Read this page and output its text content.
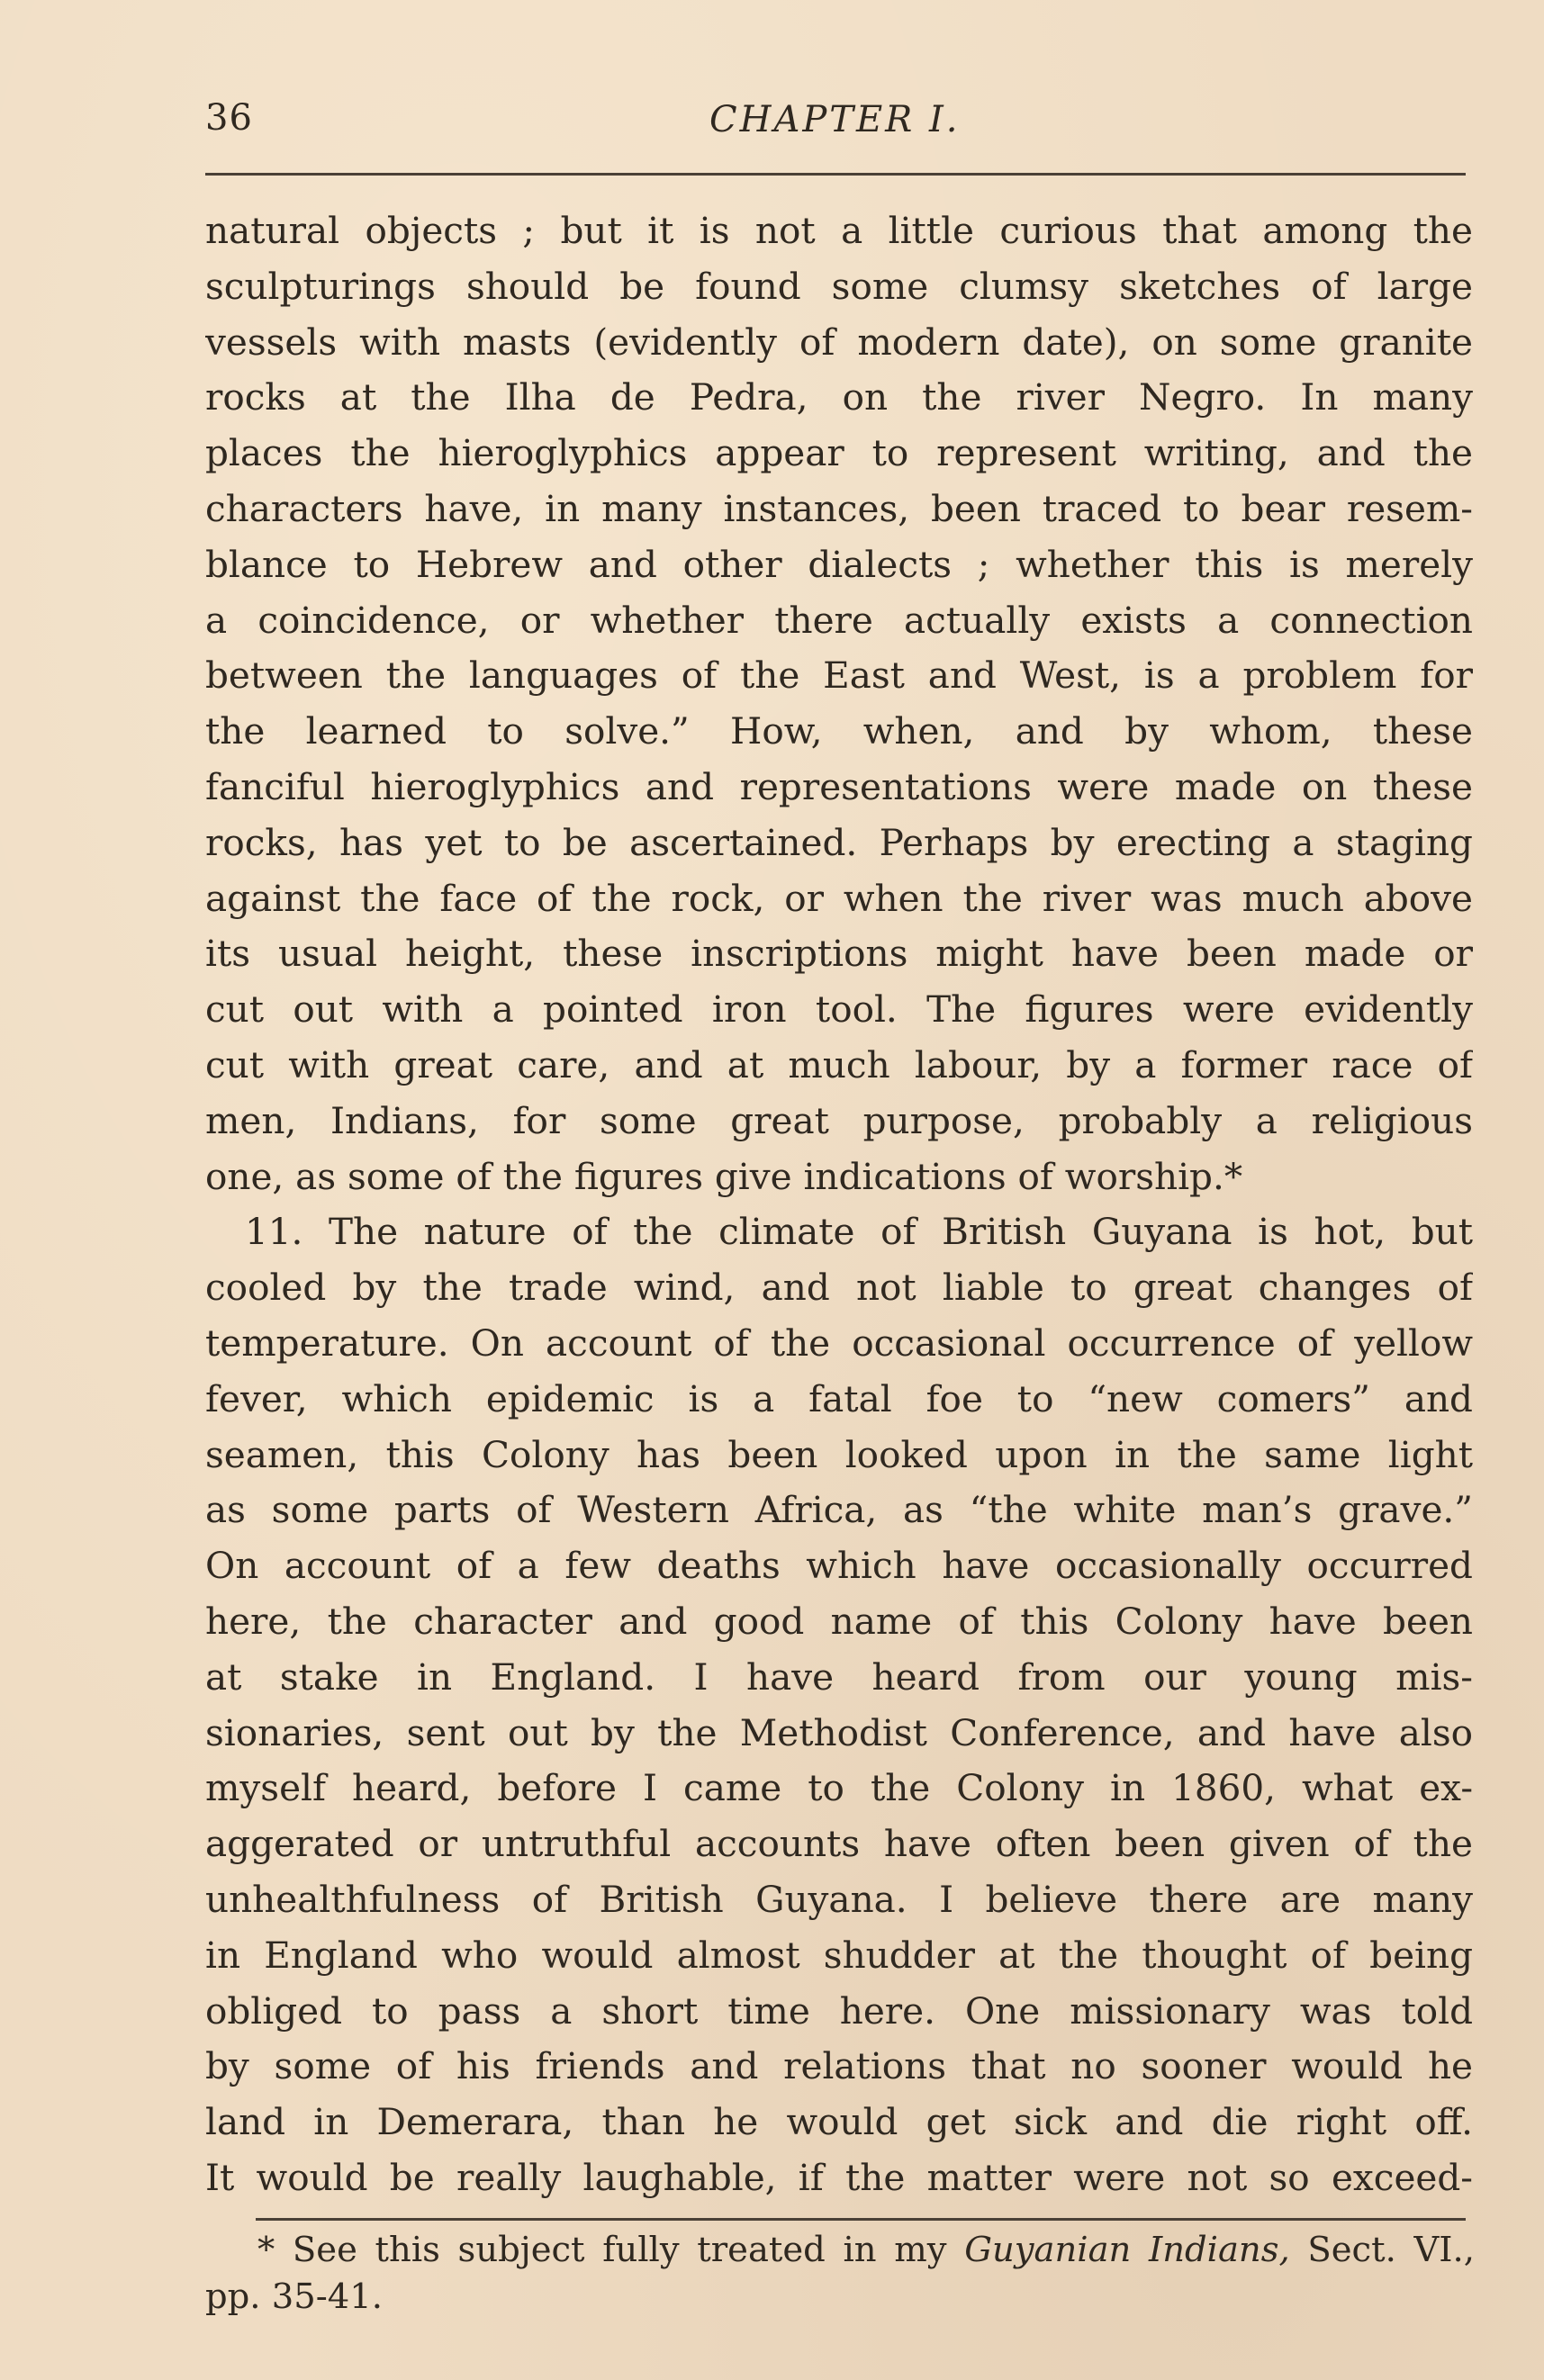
36	CHAPTER I.
natural objects ; but it is not a little curious that among the
sculpturings should be found some clumsy sketches of large
vessels with masts (evidently of modern date), on some granite
rocks at the Ilha de Pedra, on the river Negro. In many
places the hieroglyphics appear to represent writing, and the
characters have, in many instances, been traced to bear resem-
blance to Hebrew and other dialects ; whether this is merely
a coincidence, or whether there actually exists a connection
between the languages of the East and West, is a problem for
the learned to solve.” How, when, and by whom, these
fanciful hieroglyphics and representations were made on these
rocks, has yet to be ascertained. Perhaps by erecting a staging
against the face of the rock, or when the river was much above
its usual height, these inscriptions might have been made or
cut out with a pointed iron tool. The figures were evidently
cut with great care, and at much labour, by a former race of
men, Indians, for some great purpose, probably a religious
one, as some of the figures give indications of worship.*
11. The nature of the climate of British Guyana is hot, but
cooled by the trade wind, and not liable to great changes of
temperature. On account of the occasional occurrence of yellow
fever, which epidemic is a fatal foe to “new comers” and
seamen, this Colony has been looked upon in the same light
as some parts of Western Africa, as “the white man’s grave.”
On account of a few deaths which have occasionally occurred
here, the character and good name of this Colony have been
at stake in England. I have heard from our young mis-
sionaries, sent out by the Methodist Conference, and have also
myself heard, before I came to the Colony in 1860, what ex-
aggerated or untruthful accounts have often been given of the
unhealthfulness of British Guyana. I believe there are many
in England who would almost shudder at the thought of being
obliged to pass a short time here. One missionary was told
by some of his friends and relations that no sooner would he
land in Demerara, than he would get sick and die right off.
It would be really laughable, if the matter were not so exceed-
* See this subject fully treated in my Guyanian Indians, Sect. VI.,
pp. 35-41.
